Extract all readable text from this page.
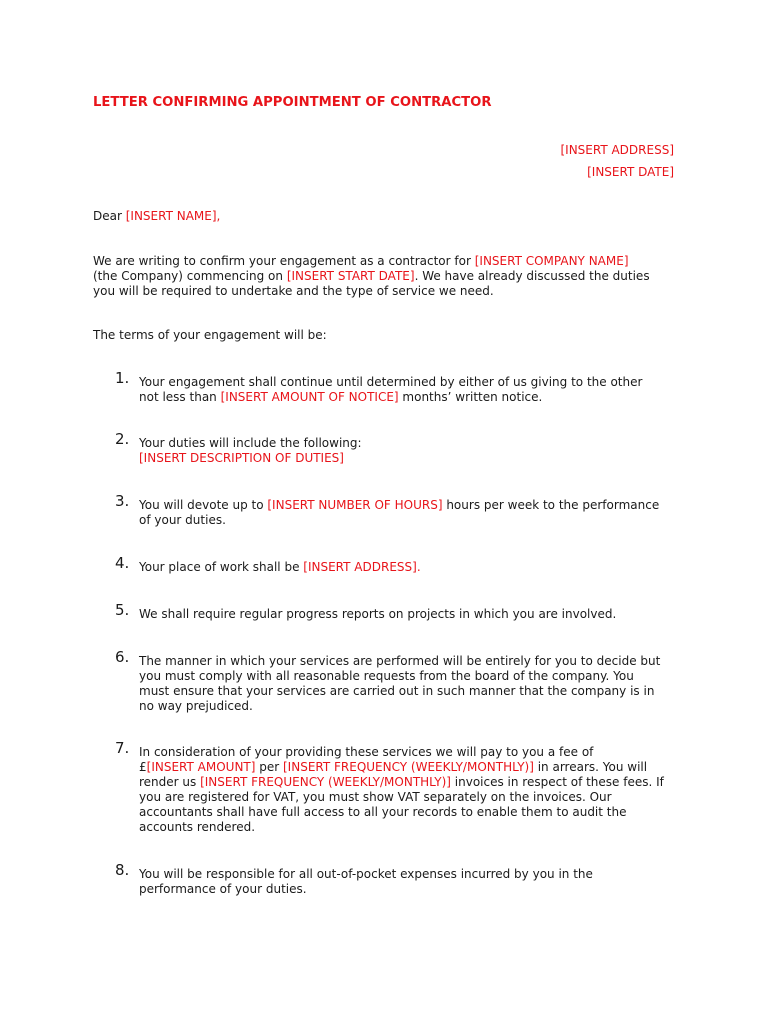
LETTER CONFIRMING APPOINTMENT OF CONTRACTOR
[INSERT ADDRESS]
[INSERT DATE]
Dear [INSERT NAME],
We are writing to confirm your engagement as a contractor for [INSERT COMPANY NAME]
(the Company) commencing on [INSERT START DATE]. We have already discussed the duties
you will be required to undertake and the type of service we need.
The terms of your engagement will be:
1. Your engagement shall continue until determined by either of us giving to the other
not less than [INSERT AMOUNT OF NOTICE] months’ written notice.
2. Your duties will include the following:
[INSERT DESCRIPTION OF DUTIES]
3. You will devote up to [INSERT NUMBER OF HOURS] hours per week to the performance
of your duties.
4. Your place of work shall be [INSERT ADDRESS].
5. We shall require regular progress reports on projects in which you are involved.
6. The manner in which your services are performed will be entirely for you to decide but
you must comply with all reasonable requests from the board of the company. You
must ensure that your services are carried out in such manner that the company is in
no way prejudiced.
7. In consideration of your providing these services we will pay to you a fee of
£[INSERT AMOUNT] per [INSERT FREQUENCY (WEEKLY/MONTHLY)] in arrears. You will
render us [INSERT FREQUENCY (WEEKLY/MONTHLY)] invoices in respect of these fees. If
you are registered for VAT, you must show VAT separately on the invoices. Our
accountants shall have full access to all your records to enable them to audit the
accounts rendered.
8. You will be responsible for all out-of-pocket expenses incurred by you in the
performance of your duties.
